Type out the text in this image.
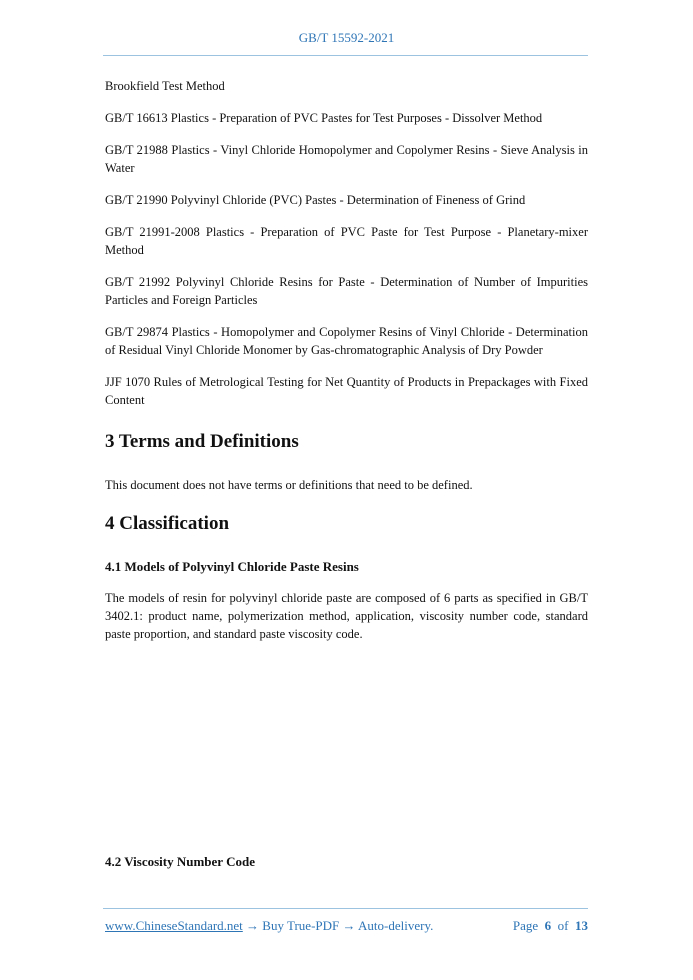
GB/T 15592-2021
Brookfield Test Method
GB/T 16613 Plastics - Preparation of PVC Pastes for Test Purposes - Dissolver Method
GB/T 21988 Plastics - Vinyl Chloride Homopolymer and Copolymer Resins - Sieve Analysis in Water
GB/T 21990 Polyvinyl Chloride (PVC) Pastes - Determination of Fineness of Grind
GB/T 21991-2008 Plastics - Preparation of PVC Paste for Test Purpose - Planetary-mixer Method
GB/T 21992 Polyvinyl Chloride Resins for Paste - Determination of Number of Impurities Particles and Foreign Particles
GB/T 29874 Plastics - Homopolymer and Copolymer Resins of Vinyl Chloride - Determination of Residual Vinyl Chloride Monomer by Gas-chromatographic Analysis of Dry Powder
JJF 1070 Rules of Metrological Testing for Net Quantity of Products in Prepackages with Fixed Content
3 Terms and Definitions
This document does not have terms or definitions that need to be defined.
4 Classification
4.1 Models of Polyvinyl Chloride Paste Resins
The models of resin for polyvinyl chloride paste are composed of 6 parts as specified in GB/T 3402.1: product name, polymerization method, application, viscosity number code, standard paste proportion, and standard paste viscosity code.
4.2 Viscosity Number Code
www.ChineseStandard.net → Buy True-PDF → Auto-delivery.	Page 6 of 13
